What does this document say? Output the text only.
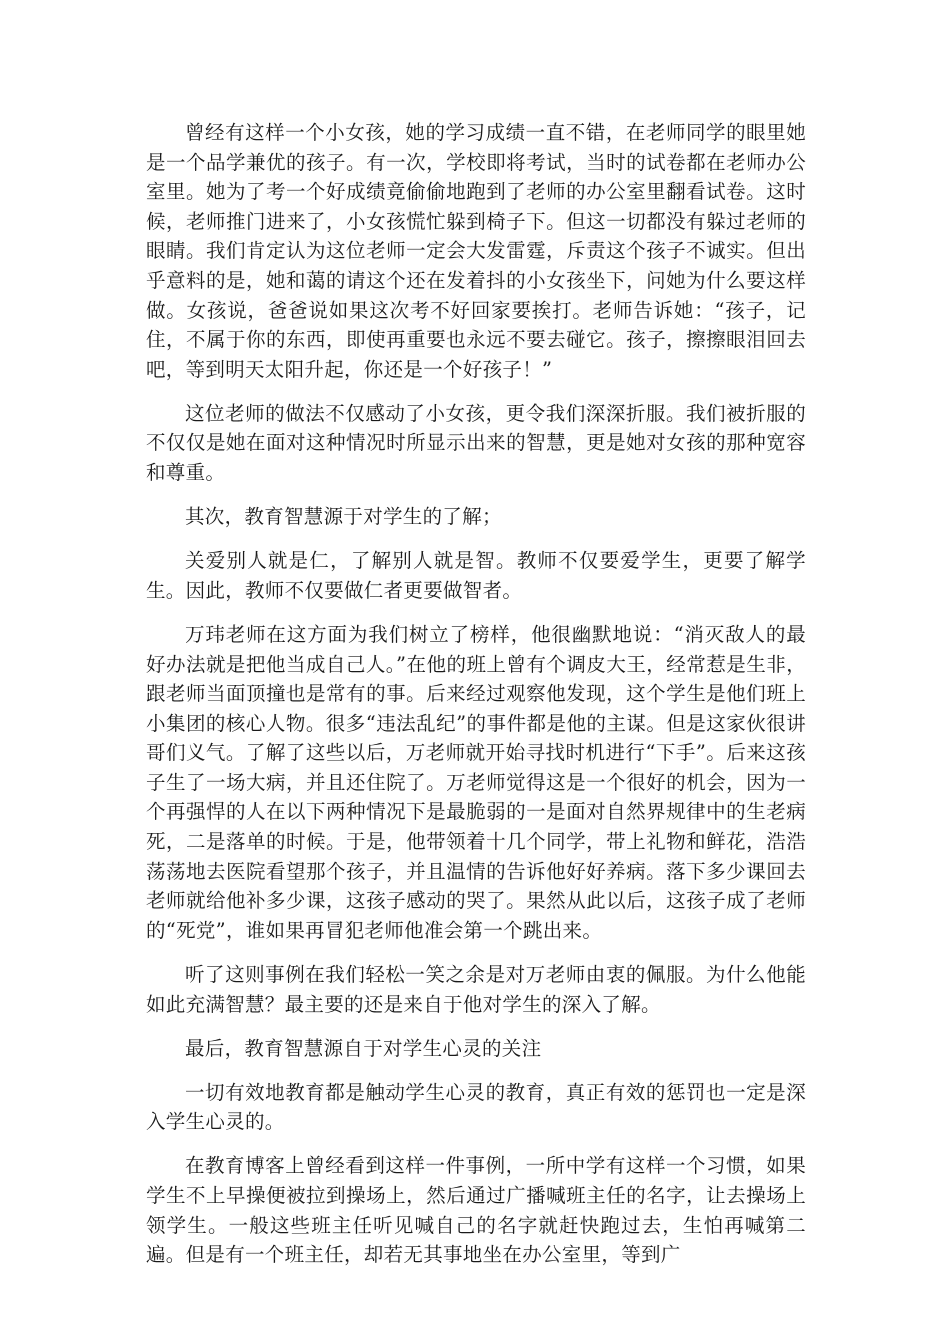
曾经有这样一个小女孩，她的学习成绩一直不错，在老师同学的眼里她是一个品学兼优的孩子。有一次，学校即将考试，当时的试卷都在老师办公室里。她为了考一个好成绩竟偷偷地跑到了老师的办公室里翻看试卷。这时候，老师推门进来了，小女孩慌忙躲到椅子下。但这一切都没有躲过老师的眼睛。我们肯定认为这位老师一定会大发雷霆，斥责这个孩子不诚实。但出乎意料的是，她和蔼的请这个还在发着抖的小女孩坐下，问她为什么要这样做。女孩说，爸爸说如果这次考不好回家要挨打。老师告诉她：“孩子，记住，不属于你的东西，即使再重要也永远不要去碰它。孩子，擦擦眼泪回去吧，等到明天太阳升起，你还是一个好孩子！”

这位老师的做法不仅感动了小女孩，更令我们深深折服。我们被折服的不仅仅是她在面对这种情况时所显示出来的智慧，更是她对女孩的那种宽容和尊重。

其次，教育智慧源于对学生的了解；

关爱别人就是仁，了解别人就是智。教师不仅要爱学生，更要了解学生。因此，教师不仅要做仁者更要做智者。

万玮老师在这方面为我们树立了榜样，他很幽默地说：“消灭敌人的最好办法就是把他当成自己人。”在他的班上曾有个调皮大王，经常惹是生非，跟老师当面顶撞也是常有的事。后来经过观察他发现，这个学生是他们班上小集团的核心人物。很多“违法乱纪”的事件都是他的主谋。但是这家伙很讲哥们义气。了解了这些以后，万老师就开始寻找时机进行“下手”。后来这孩子生了一场大病，并且还住院了。万老师觉得这是一个很好的机会，因为一个再强悍的人在以下两种情况下是最脆弱的一是面对自然界规律中的生老病死，二是落单的时候。于是，他带领着十几个同学，带上礼物和鲜花，浩浩荡荡地去医院看望那个孩子，并且温情的告诉他好好养病。落下多少课回去老师就给他补多少课，这孩子感动的哭了。果然从此以后，这孩子成了老师的“死党”，谁如果再冒犯老师他准会第一个跳出来。

听了这则事例在我们轻松一笑之余是对万老师由衷的佩服。为什么他能如此充满智慧？最主要的还是来自于他对学生的深入了解。

最后，教育智慧源自于对学生心灵的关注

一切有效地教育都是触动学生心灵的教育，真正有效的惩罚也一定是深入学生心灵的。

在教育博客上曾经看到这样一件事例，一所中学有这样一个习惯，如果学生不上早操便被拉到操场上，然后通过广播喊班主任的名字，让去操场上领学生。一般这些班主任听见喊自己的名字就赶快跑过去，生怕再喊第二遍。但是有一个班主任，却若无其事地坐在办公室里，等到广
